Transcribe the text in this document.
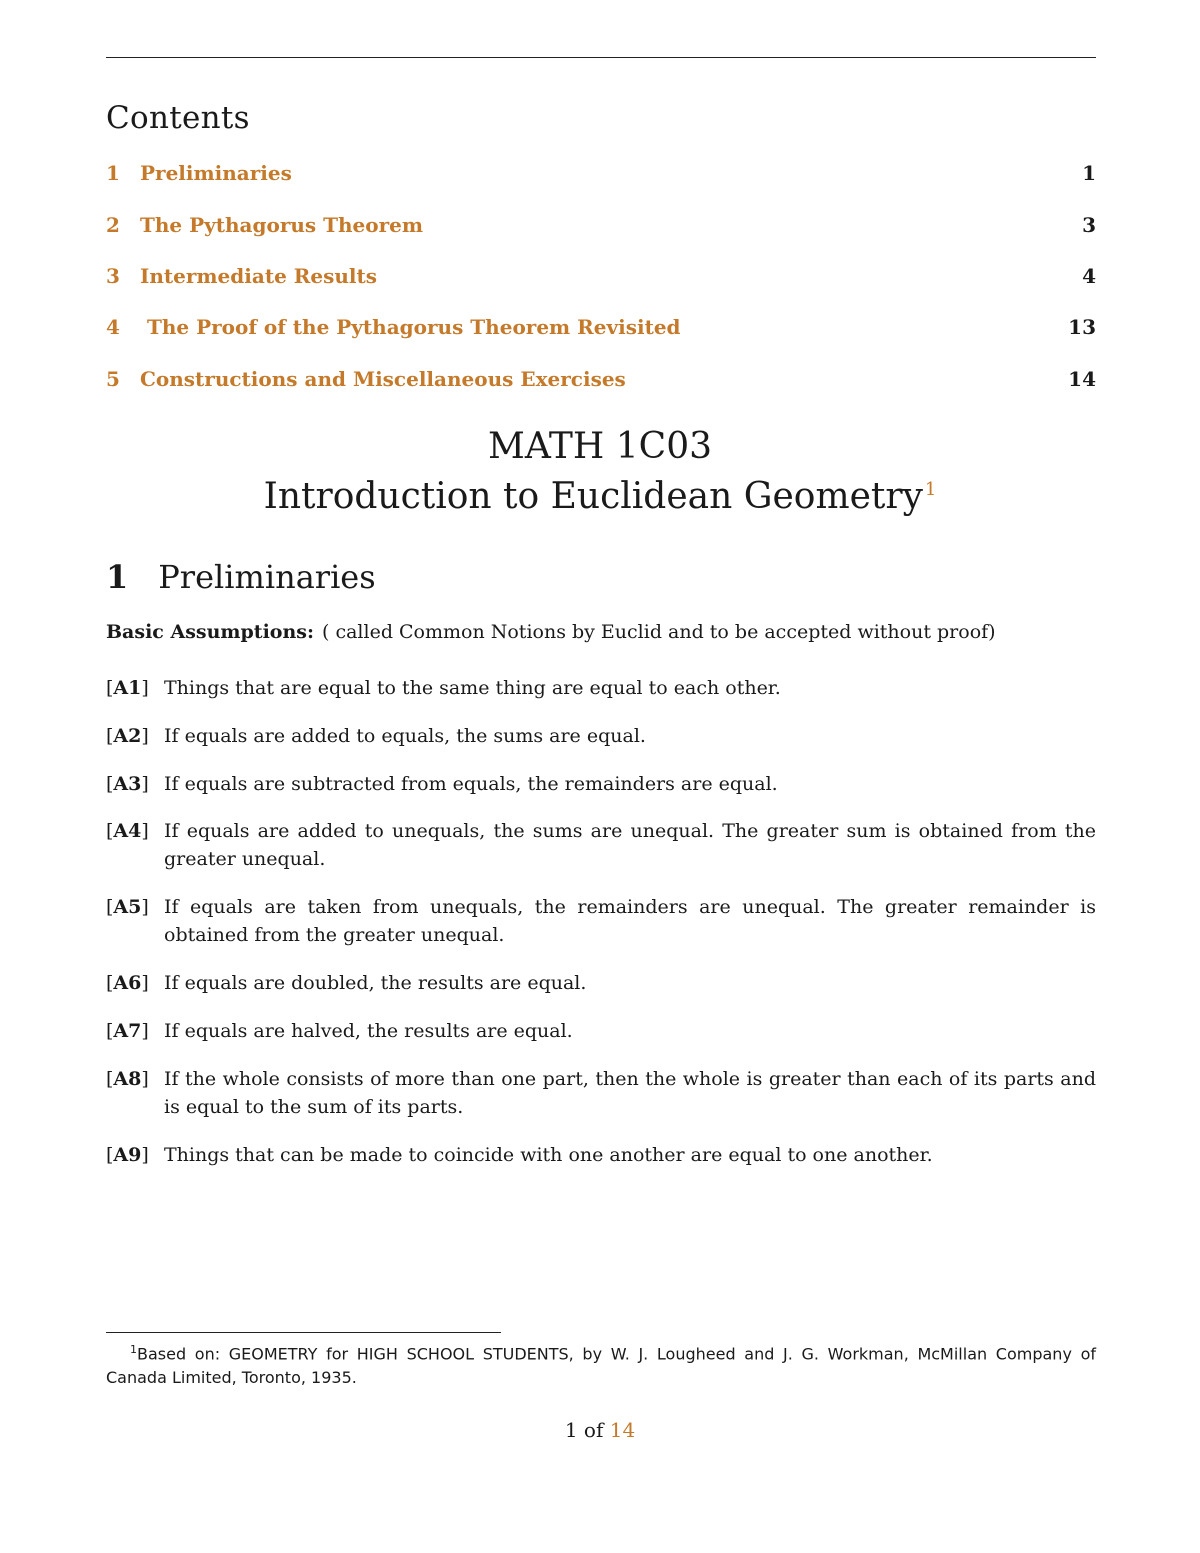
Contents
1	Preliminaries	1
2	The Pythagorus Theorem	3
3	Intermediate Results	4
4	The Proof of the Pythagorus Theorem Revisited	13
5	Constructions and Miscellaneous Exercises	14
MATH 1C03
Introduction to Euclidean Geometry $^1$
1 Preliminaries
Basic Assumptions: ( called Common Notions by Euclid and to be accepted without proof)
[A1] Things that are equal to the same thing are equal to each other.
[A2] If equals are added to equals, the sums are equal.
[A3] If equals are subtracted from equals, the remainders are equal.
[A4] If equals are added to unequals, the sums are unequal. The greater sum is obtained from the greater unequal.
[A5] If equals are taken from unequals, the remainders are unequal. The greater remainder is obtained from the greater unequal.
[A6] If equals are doubled, the results are equal.
[A7] If equals are halved, the results are equal.
[A8] If the whole consists of more than one part, then the whole is greater than each of its parts and is equal to the sum of its parts.
[A9] Things that can be made to coincide with one another are equal to one another.
$^1$Based on: GEOMETRY for HIGH SCHOOL STUDENTS, by W. J. Lougheed and J. G. Workman, McMillan Company of Canada Limited, Toronto, 1935.
1 of 14
